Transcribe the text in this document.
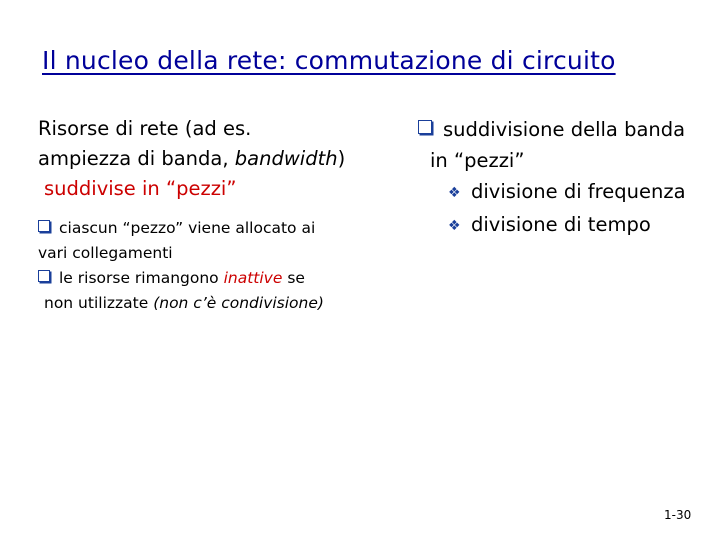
Il nucleo della rete: commutazione di circuito
Risorse di rete (ad es.
ampiezza di banda, bandwidth)
suddivise in “pezzi”
ciascun “pezzo” viene allocato ai
vari collegamenti
le risorse rimangono inattive se
non utilizzate (non c’è condivisione)
suddivisione della banda
in “pezzi”
❖ divisione di frequenza
❖ divisione di tempo
1-30
